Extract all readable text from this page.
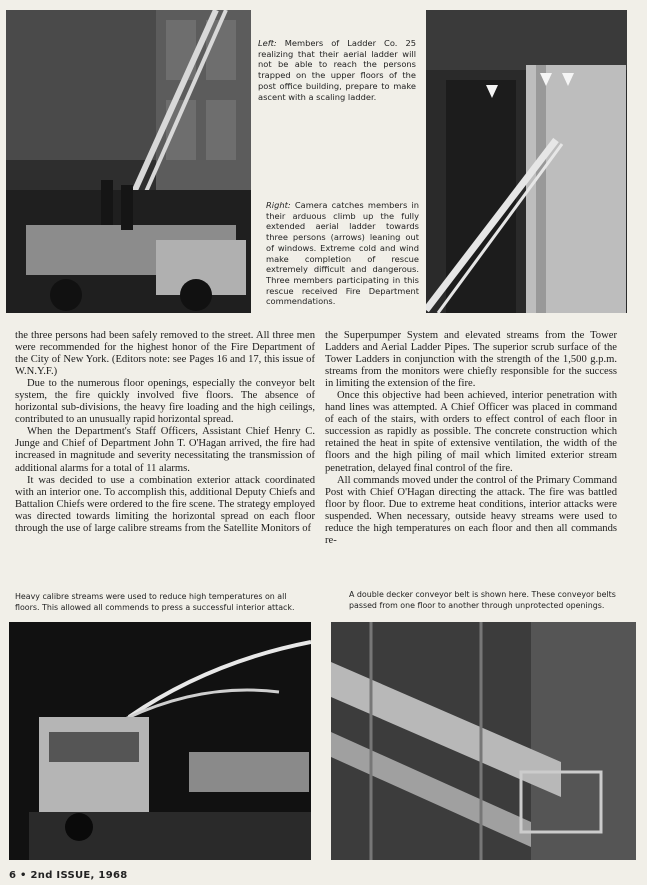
Left: Members of Ladder Co. 25 realizing that their aerial ladder will not be able to reach the persons trapped on the upper floors of the post office building, prepare to make ascent with a scaling ladder.
Right: Camera catches members in their arduous climb up the fully extended aerial ladder towards three persons (arrows) leaning out of windows. Extreme cold and wind make completion of rescue extremely difficult and dangerous. Three members participating in this rescue received Fire Department commendations.

the three persons had been safely removed to the street. All three men were recommended for the highest honor of the Fire Department of the City of New York. (Editors note: see Pages 16 and 17, this issue of W.N.Y.F.)

Due to the numerous floor openings, especially the conveyor belt system, the fire quickly involved five floors. The absence of horizontal sub-divisions, the heavy fire loading and the high ceilings, contributed to an unusually rapid horizontal spread.

When the Department's Staff Officers, Assistant Chief Henry C. Junge and Chief of Department John T. O'Hagan arrived, the fire had increased in magnitude and severity necessitating the transmission of additional alarms for a total of 11 alarms.

It was decided to use a combination exterior attack coordinated with an interior one. To accomplish this, additional Deputy Chiefs and Battalion Chiefs were ordered to the fire scene. The strategy employed was directed towards limiting the horizontal spread on each floor through the use of large calibre streams from the Satellite Monitors of

the Superpumper System and elevated streams from the Tower Ladders and Aerial Ladder Pipes. The superior scrub surface of the Tower Ladders in conjunction with the strength of the 1,500 g.p.m. streams from the monitors were chiefly responsible for the success in limiting the extension of the fire.

Once this objective had been achieved, interior penetration with hand lines was attempted. A Chief Officer was placed in command of each of the stairs, with orders to effect control of each floor in succession as rapidly as possible. The concrete construction which retained the heat in spite of extensive ventilation, the width of the floors and the high piling of mail which limited exterior stream penetration, delayed final control of the fire.

All commands moved under the control of the Primary Command Post with Chief O'Hagan directing the attack. The fire was battled floor by floor. Due to extreme heat conditions, interior attacks were suspended. When necessary, outside heavy streams were used to reduce the high temperatures on each floor and then all commands re-

Heavy calibre streams were used to reduce high temperatures on all floors. This allowed all commends to press a successful interior attack.
A double decker conveyor belt is shown here. These conveyor belts passed from one floor to another through unprotected openings.
6 • 2nd ISSUE, 1968
